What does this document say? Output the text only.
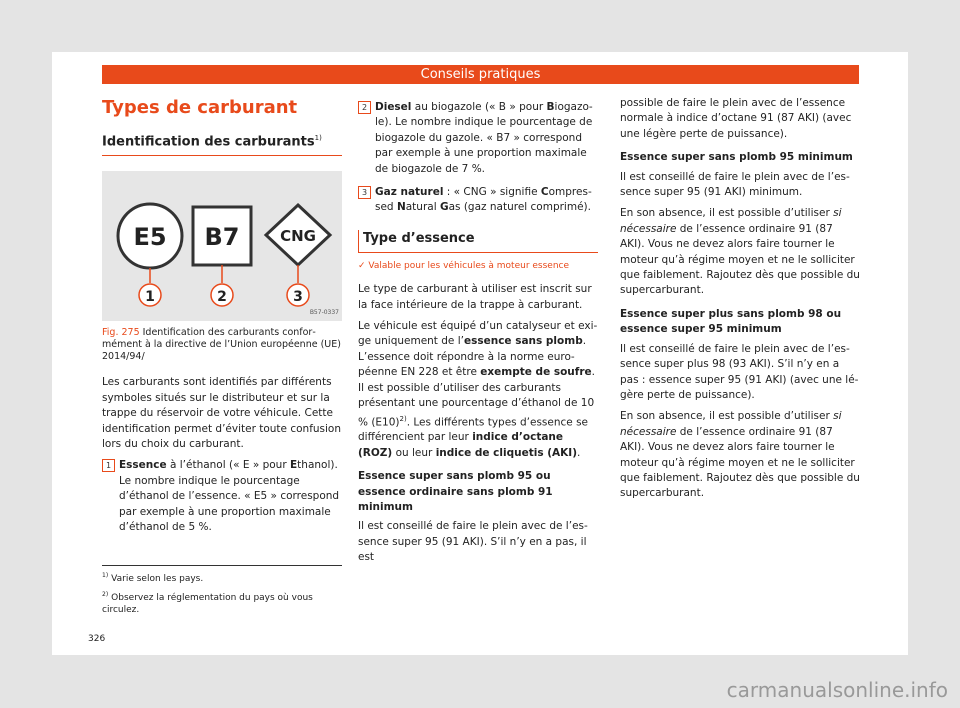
Conseils pratiques
Types de carburant
Identification des carburants$^{1)}$
E5 B7	CNG
1	2	3
B57-0337
Fig. 275 Identification des carburants conformément à la directive de l’Union européenne (UE) 2014/94/

Les carburants sont identifiés par différents symboles situés sur le distributeur et sur la trappe du réservoir de votre véhicule. Cette identification permet d’éviter toute confusion lors du choix du carburant.

1 Essence à l’éthanol (« E » pour Ethanol). Le nombre indique le pourcentage d’éthanol de l’essence. « E5 » correspond par exemple à une proportion maximale d’éthanol de 5 %.
$^{1)}$ Varie selon les pays.
$^{2)}$ Observez la réglementation du pays où vous circulez.
326
2 Diesel au biogazole (« B » pour Biogazole). Le nombre indique le pourcentage de biogazole du gazole. « B7 » correspond par exemple à une proportion maximale de biogazole de 7 %.
3 Gaz naturel : « CNG » signifie Compressed Natural Gas (gaz naturel comprimé).
Type d’essence
✓ Valable pour les véhicules à moteur essence

Le type de carburant à utiliser est inscrit sur la face intérieure de la trappe à carburant.

Le véhicule est équipé d’un catalyseur et exige uniquement de l’essence sans plomb. L’essence doit répondre à la norme européenne EN 228 et être exempte de soufre. Il est possible d’utiliser des carburants présentant une pourcentage d’éthanol de 10 % $(E10)^{2)}$. Les différents types d’essence se différencient par leur indice d’octane (ROZ) ou leur indice de cliquetis (AKI).

Essence super sans plomb 95 ou essence ordinaire sans plomb 91 minimum

Il est conseillé de faire le plein avec de l’essence super 95 (91 AKI). S’il n’y en a pas, il est

possible de faire le plein avec de l’essence normale à indice d’octane 91 (87 AKI) (avec une légère perte de puissance).

Essence super sans plomb 95 minimum

Il est conseillé de faire le plein avec de l’essence super 95 (91 AKI) minimum.

En son absence, il est possible d’utiliser si nécessaire de l’essence ordinaire 91 (87 AKI). Vous ne devez alors faire tourner le moteur qu’à régime moyen et ne le solliciter que faiblement. Rajoutez dès que possible du supercarburant.

Essence super plus sans plomb 98 ou essence super 95 minimum

Il est conseillé de faire le plein avec de l’essence super plus 98 (93 AKI). S’il n’y en a pas : essence super 95 (91 AKI) (avec une légère perte de puissance).

En son absence, il est possible d’utiliser si nécessaire de l’essence ordinaire 91 (87 AKI). Vous ne devez alors faire tourner le moteur qu’à régime moyen et ne le solliciter que faiblement. Rajoutez dès que possible du supercarburant.

carmanualsonline.info
